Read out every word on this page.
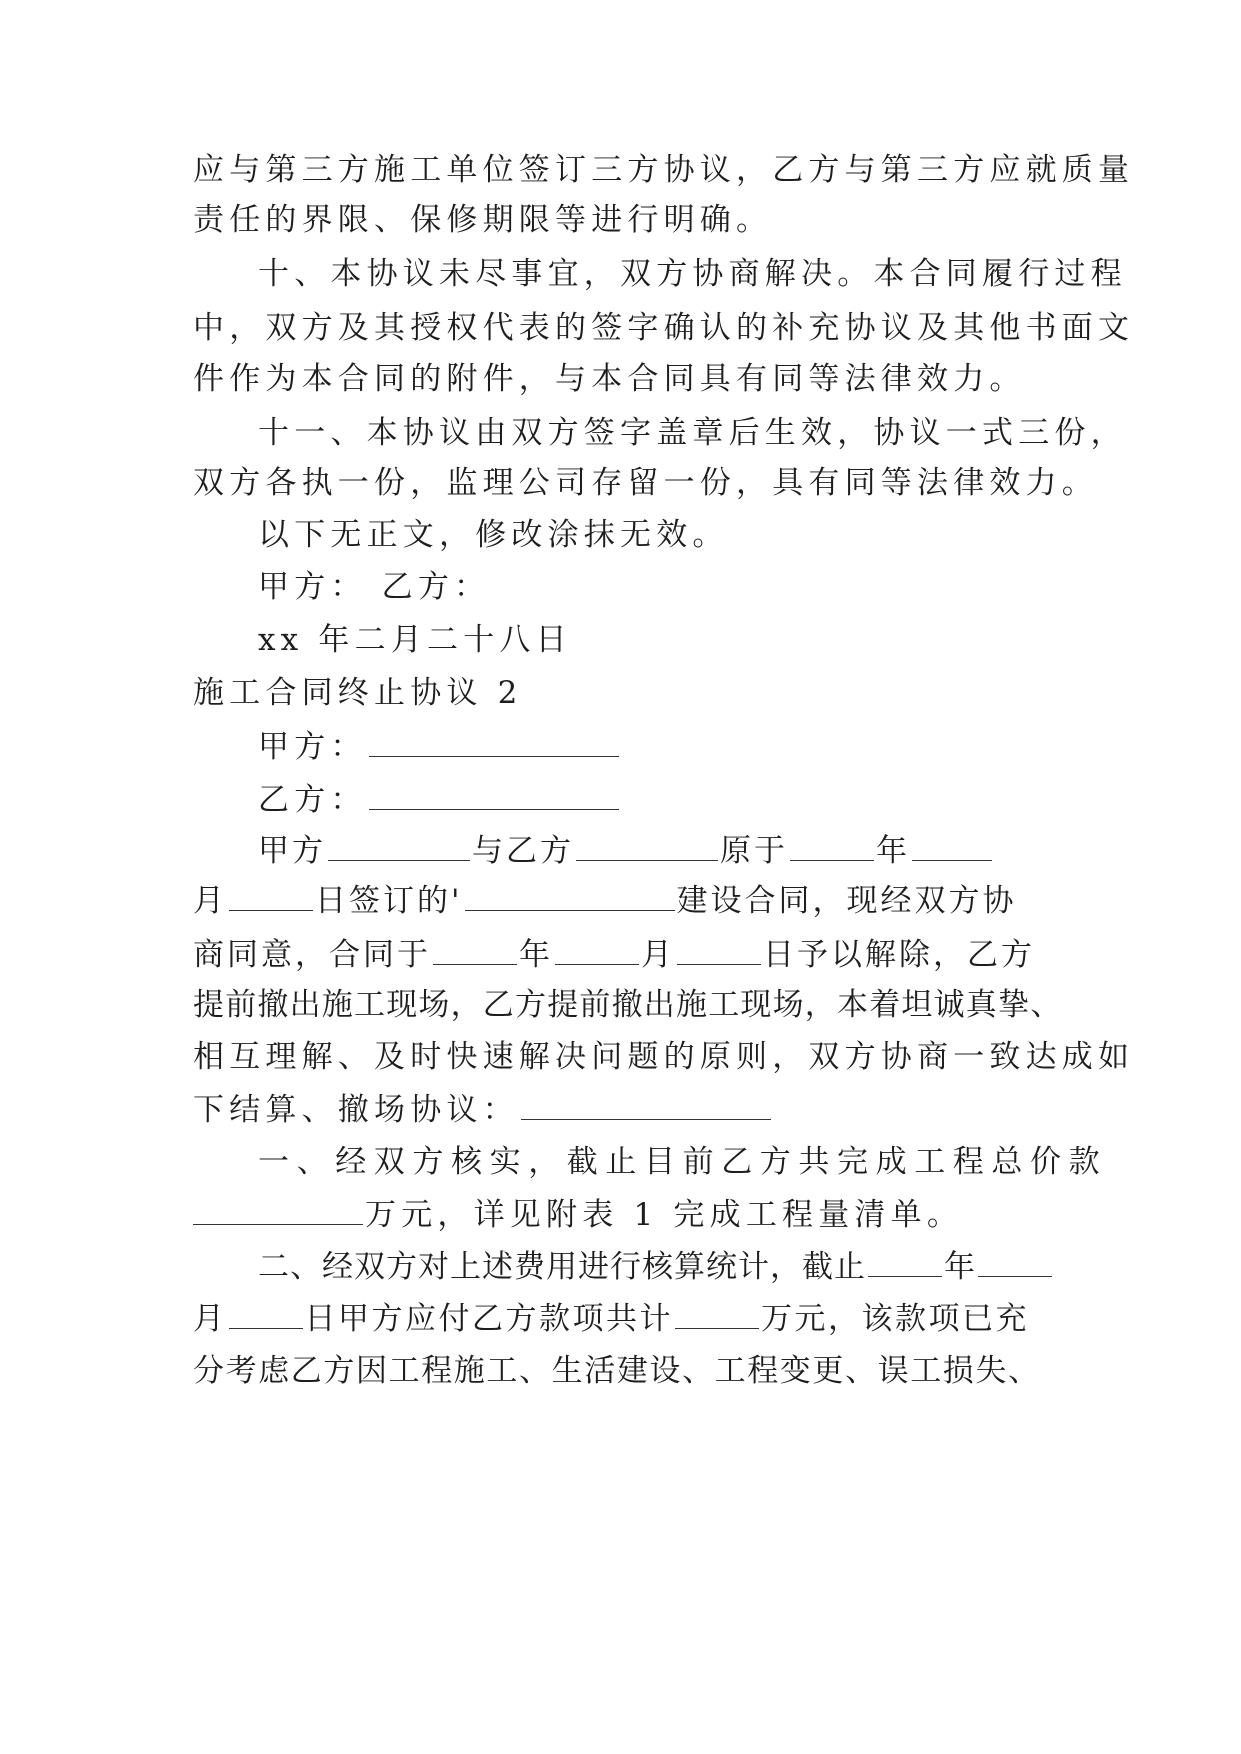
应与第三方施工单位签订三方协议，乙方与第三方应就质量
责任的界限、保修期限等进行明确。
十、本协议未尽事宜，双方协商解决。本合同履行过程
中，双方及其授权代表的签字确认的补充协议及其他书面文
件作为本合同的附件，与本合同具有同等法律效力。
十一、本协议由双方签字盖章后生效，协议一式三份，
双方各执一份，监理公司存留一份，具有同等法律效力。
以下无正文，修改涂抹无效。
甲方： 乙方：
xx 年二月二十八日
施工合同终止协议 2
甲方：
乙方：
甲方	与乙方	原于	年
月	日签订的'	建设合同，现经双方协
商同意，合同于	年	月	日予以解除，乙方
提前撤出施工现场，乙方提前撤出施工现场，本着坦诚真挚、
相互理解、及时快速解决问题的原则，双方协商一致达成如
下结算、撤场协议：
一、经双方核实，截止目前乙方共完成工程总价款
万元，详见附表 1 完成工程量清单。
二、经双方对上述费用进行核算统计，截止	年
月	日甲方应付乙方款项共计	万元，该款项已充
分考虑乙方因工程施工、生活建设、工程变更、误工损失、
